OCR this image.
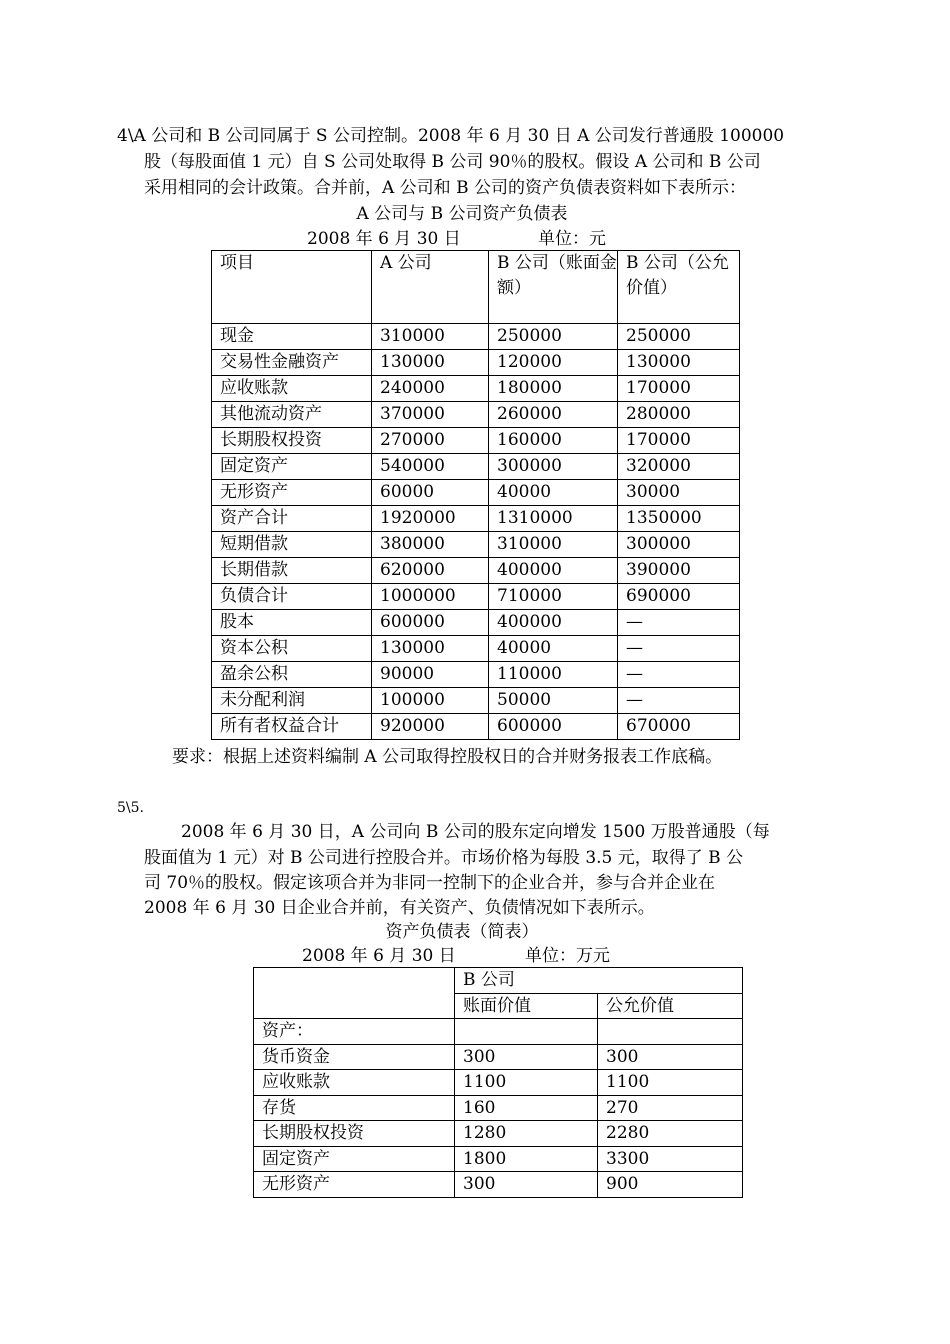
4\A 公司和 B 公司同属于 S 公司控制。2008 年 6 月 30 日 A 公司发行普通股 100000
股（每股面值 1 元）自 S 公司处取得 B 公司 90％的股权。假设 A 公司和 B 公司
采用相同的会计政策。合并前，A 公司和 B 公司的资产负债表资料如下表所示：
A 公司与 B 公司资产负债表
2008 年 6 月 30 日	单位：元
项目	A 公司	B 公司（账面金额）	B 公司（公允价值）
现金	310000	250000	250000
交易性金融资产	130000	120000	130000
应收账款	240000	180000	170000
其他流动资产	370000	260000	280000
长期股权投资	270000	160000	170000
固定资产	540000	300000	320000
无形资产	60000	40000	30000
资产合计	1920000	1310000	1350000
短期借款	380000	310000	300000
长期借款	620000	400000	390000
负债合计	1000000	710000	690000
股本	600000	400000	—
资本公积	130000	40000	—
盈余公积	90000	110000	—
未分配利润	100000	50000	—
所有者权益合计	920000	600000	670000
要求：根据上述资料编制 A 公司取得控股权日的合并财务报表工作底稿。
5\5.
2008 年 6 月 30 日，A 公司向 B 公司的股东定向增发 1500 万股普通股（每
股面值为 1 元）对 B 公司进行控股合并。市场价格为每股 3.5 元，取得了 B 公
司 70％的股权。假定该项合并为非同一控制下的企业合并，参与合并企业在
2008 年 6 月 30 日企业合并前，有关资产、负债情况如下表所示。
资产负债表（简表）
2008 年 6 月 30 日	单位：万元
	B 公司	
	账面价值	公允价值
资产：		
货币资金	300	300
应收账款	1100	1100
存货	160	270
长期股权投资	1280	2280
固定资产	1800	3300
无形资产	300	900
